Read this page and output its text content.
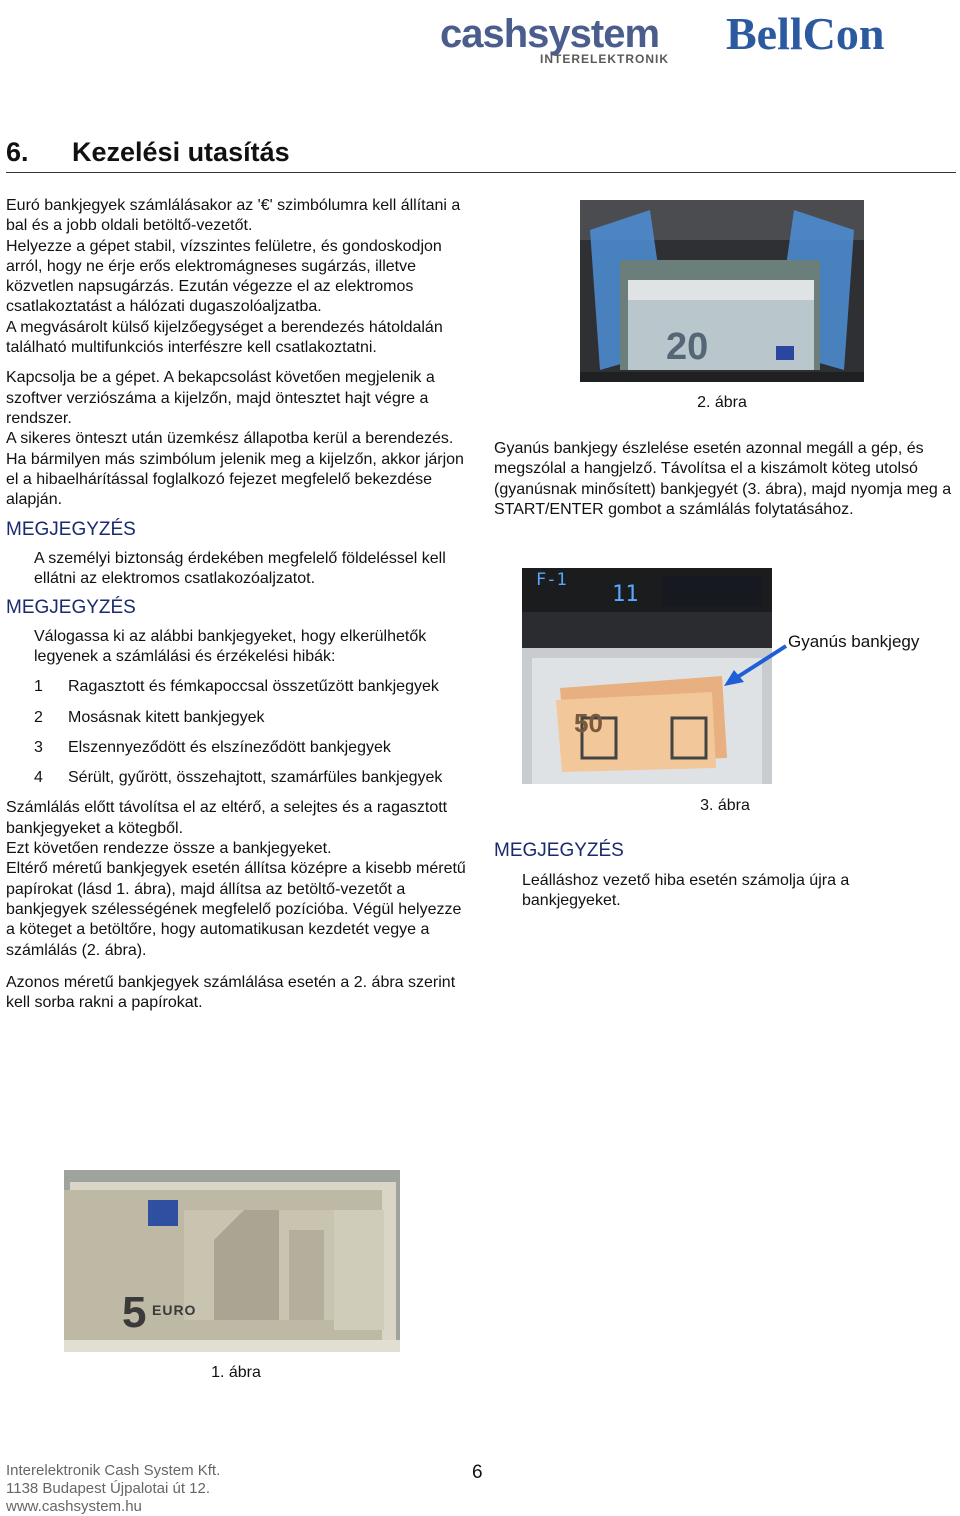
cashsystem
INTERELEKTRONIK BellCon
6. Kezelési utasítás

Euró bankjegyek számlálásakor az '€' szimbólumra kell állítani a bal és a jobb oldali betöltő-vezetőt.

Helyezze a gépet stabil, vízszintes felületre, és gondoskodjon arról, hogy ne érje erős elektromágneses sugárzás, illetve közvetlen napsugárzás. Ezután végezze el az elektromos csatlakoztatást a hálózati dugaszolóaljzatba.

A megvásárolt külső kijelzőegységet a berendezés hátoldalán található multifunkciós interfészre kell csatlakoztatni.

Kapcsolja be a gépet. A bekapcsolást követően megjelenik a szoftver verziószáma a kijelzőn, majd öntesztet hajt végre a rendszer.

A sikeres önteszt után üzemkész állapotba kerül a berendezés.

Ha bármilyen más szimbólum jelenik meg a kijelzőn, akkor járjon el a hibaelhárítással foglalkozó fejezet megfelelő bekezdése alapján.

MEGJEGYZÉS

A személyi biztonság érdekében megfelelő földeléssel kell ellátni az elektromos csatlakozóaljzatot.

MEGJEGYZÉS

Válogassa ki az alábbi bankjegyeket, hogy elkerülhetők legyenek a számlálási és érzékelési hibák:

1 Ragasztott és fémkapoccsal összetűzött bankjegyek
2 Mosásnak kitett bankjegyek
3 Elszennyeződött és elszíneződött bankjegyek
4 Sérült, gyűrött, összehajtott, szamárfüles bankjegyek

Számlálás előtt távolítsa el az eltérő, a selejtes és a ragasztott bankjegyeket a kötegből.

Ezt követően rendezze össze a bankjegyeket.

Eltérő méretű bankjegyek esetén állítsa középre a kisebb méretű papírokat (lásd 1. ábra), majd állítsa az betöltő-vezetőt a bankjegyek szélességének megfelelő pozícióba. Végül helyezze a köteget a betöltőre, hogy automatikusan kezdetét vegye a számlálás (2. ábra).

Azonos méretű bankjegyek számlálása esetén a 2. ábra szerint kell sorba rakni a papírokat.

5 EURO
1. ábra
20
2. ábra
Gyanús bankjegy észlelése esetén azonnal megáll a gép, és megszólal a hangjelző. Távolítsa el a kiszámolt köteg utolsó (gyanúsnak minősített) bankjegyét (3. ábra), majd nyomja meg a START/ENTER gombot a számlálás folytatásához.
F-1
11
50
Gyanús bankjegy
3. ábra
MEGJEGYZÉS
Leálláshoz vezető hiba esetén számolja újra a bankjegyeket.
Interelektronik Cash System Kft.
1138 Budapest Újpalotai út 12.
www.cashsystem.hu
6
